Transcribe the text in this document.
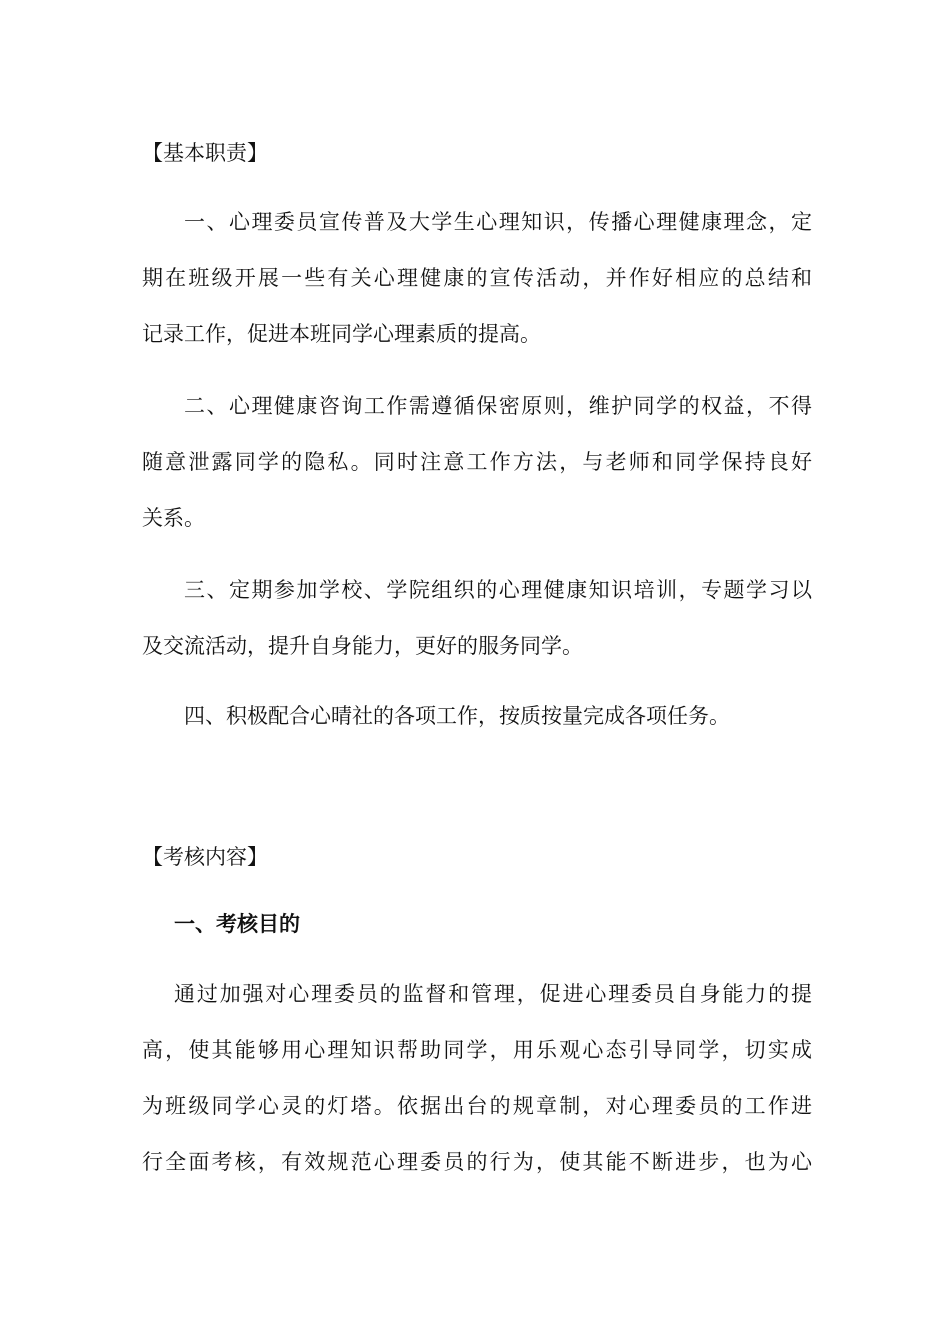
【基本职责】
一、心理委员宣传普及大学生心理知识，传播心理健康理念，定
期在班级开展一些有关心理健康的宣传活动，并作好相应的总结和
记录工作，促进本班同学心理素质的提高。
二、心理健康咨询工作需遵循保密原则，维护同学的权益，不得
随意泄露同学的隐私。同时注意工作方法，与老师和同学保持良好
关系。
三、定期参加学校、学院组织的心理健康知识培训，专题学习以
及交流活动，提升自身能力，更好的服务同学。
四、积极配合心晴社的各项工作，按质按量完成各项任务。
【考核内容】
一、考核目的
通过加强对心理委员的监督和管理，促进心理委员自身能力的提
高，使其能够用心理知识帮助同学，用乐观心态引导同学，切实成
为班级同学心灵的灯塔。依据出台的规章制，对心理委员的工作进
行全面考核，有效规范心理委员的行为，使其能不断进步，也为心
